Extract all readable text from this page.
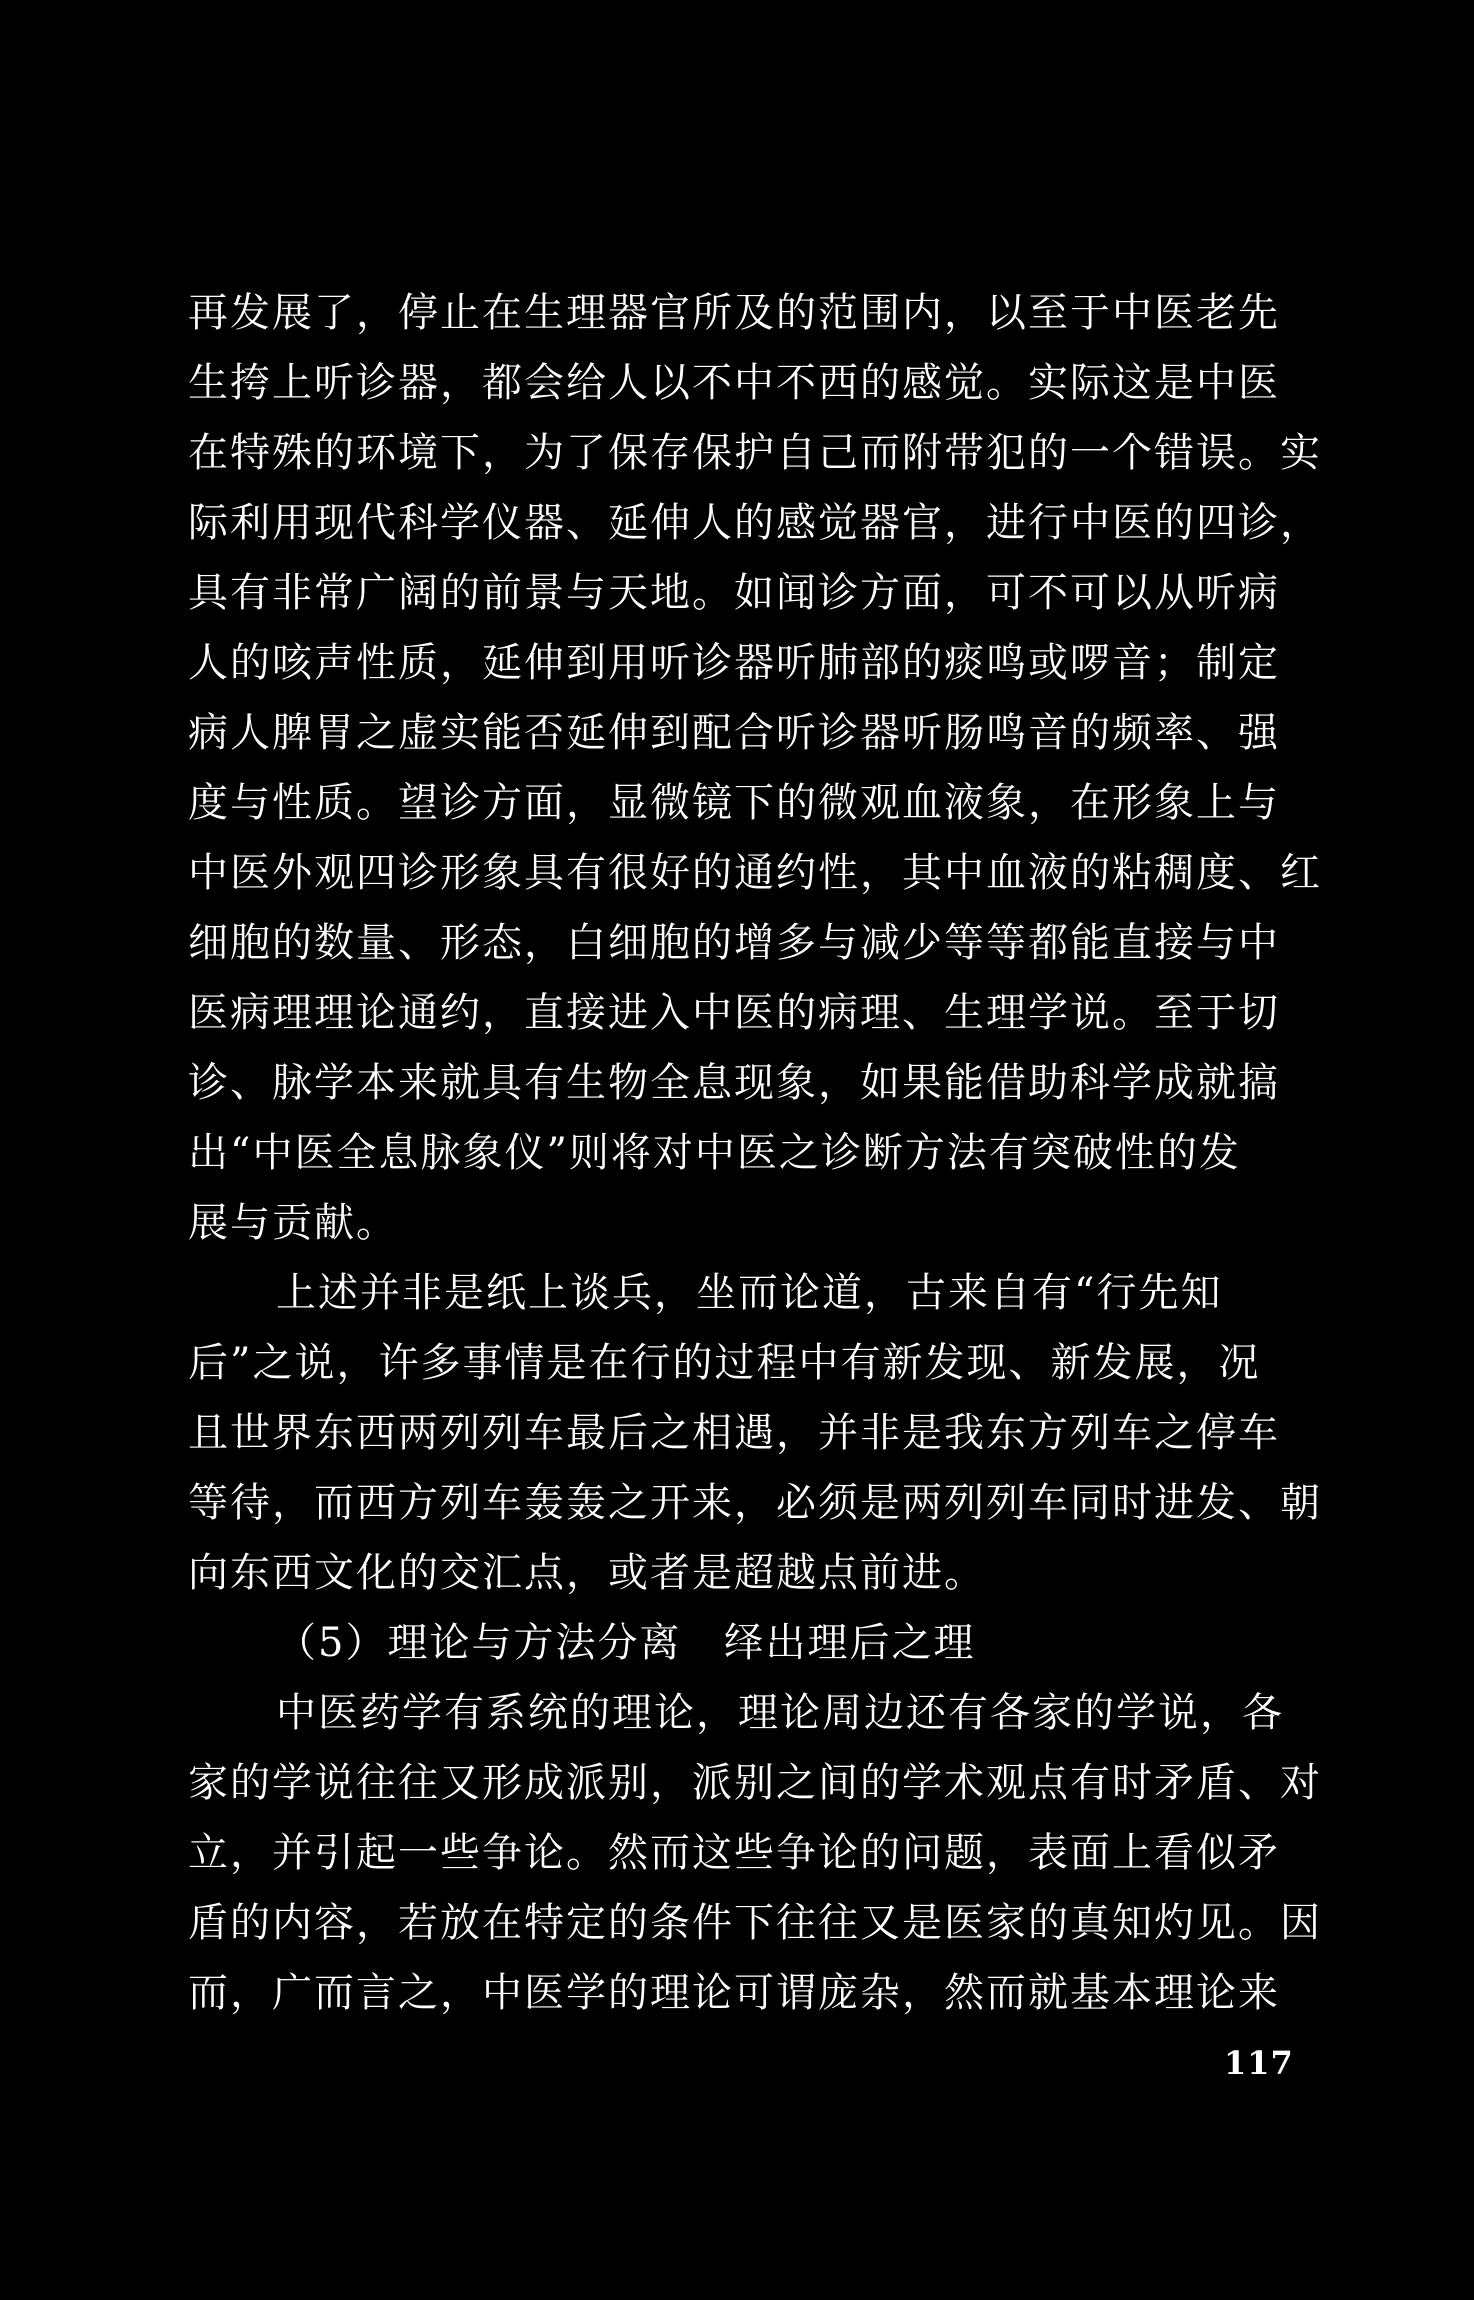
再发展了，停止在生理器官所及的范围内，以至于中医老先
生挎上听诊器，都会给人以不中不西的感觉。实际这是中医
在特殊的环境下，为了保存保护自己而附带犯的一个错误。实
际利用现代科学仪器、延伸人的感觉器官，进行中医的四诊，
具有非常广阔的前景与天地。如闻诊方面，可不可以从听病
人的咳声性质，延伸到用听诊器听肺部的痰鸣或啰音；制定
病人脾胃之虚实能否延伸到配合听诊器听肠鸣音的频率、强
度与性质。望诊方面，显微镜下的微观血液象，在形象上与
中医外观四诊形象具有很好的通约性，其中血液的粘稠度、红
细胞的数量、形态，白细胞的增多与减少等等都能直接与中
医病理理论通约，直接进入中医的病理、生理学说。至于切
诊、脉学本来就具有生物全息现象，如果能借助科学成就搞
出“中医全息脉象仪”则将对中医之诊断方法有突破性的发
展与贡献。
上述并非是纸上谈兵，坐而论道，古来自有“行先知
后”之说，许多事情是在行的过程中有新发现、新发展，况
且世界东西两列列车最后之相遇，并非是我东方列车之停车
等待，而西方列车轰轰之开来，必须是两列列车同时进发、朝
向东西文化的交汇点，或者是超越点前进。
（5）理论与方法分离　绎出理后之理
中医药学有系统的理论，理论周边还有各家的学说，各
家的学说往往又形成派别，派别之间的学术观点有时矛盾、对
立，并引起一些争论。然而这些争论的问题，表面上看似矛
盾的内容，若放在特定的条件下往往又是医家的真知灼见。因
而，广而言之，中医学的理论可谓庞杂，然而就基本理论来
117
